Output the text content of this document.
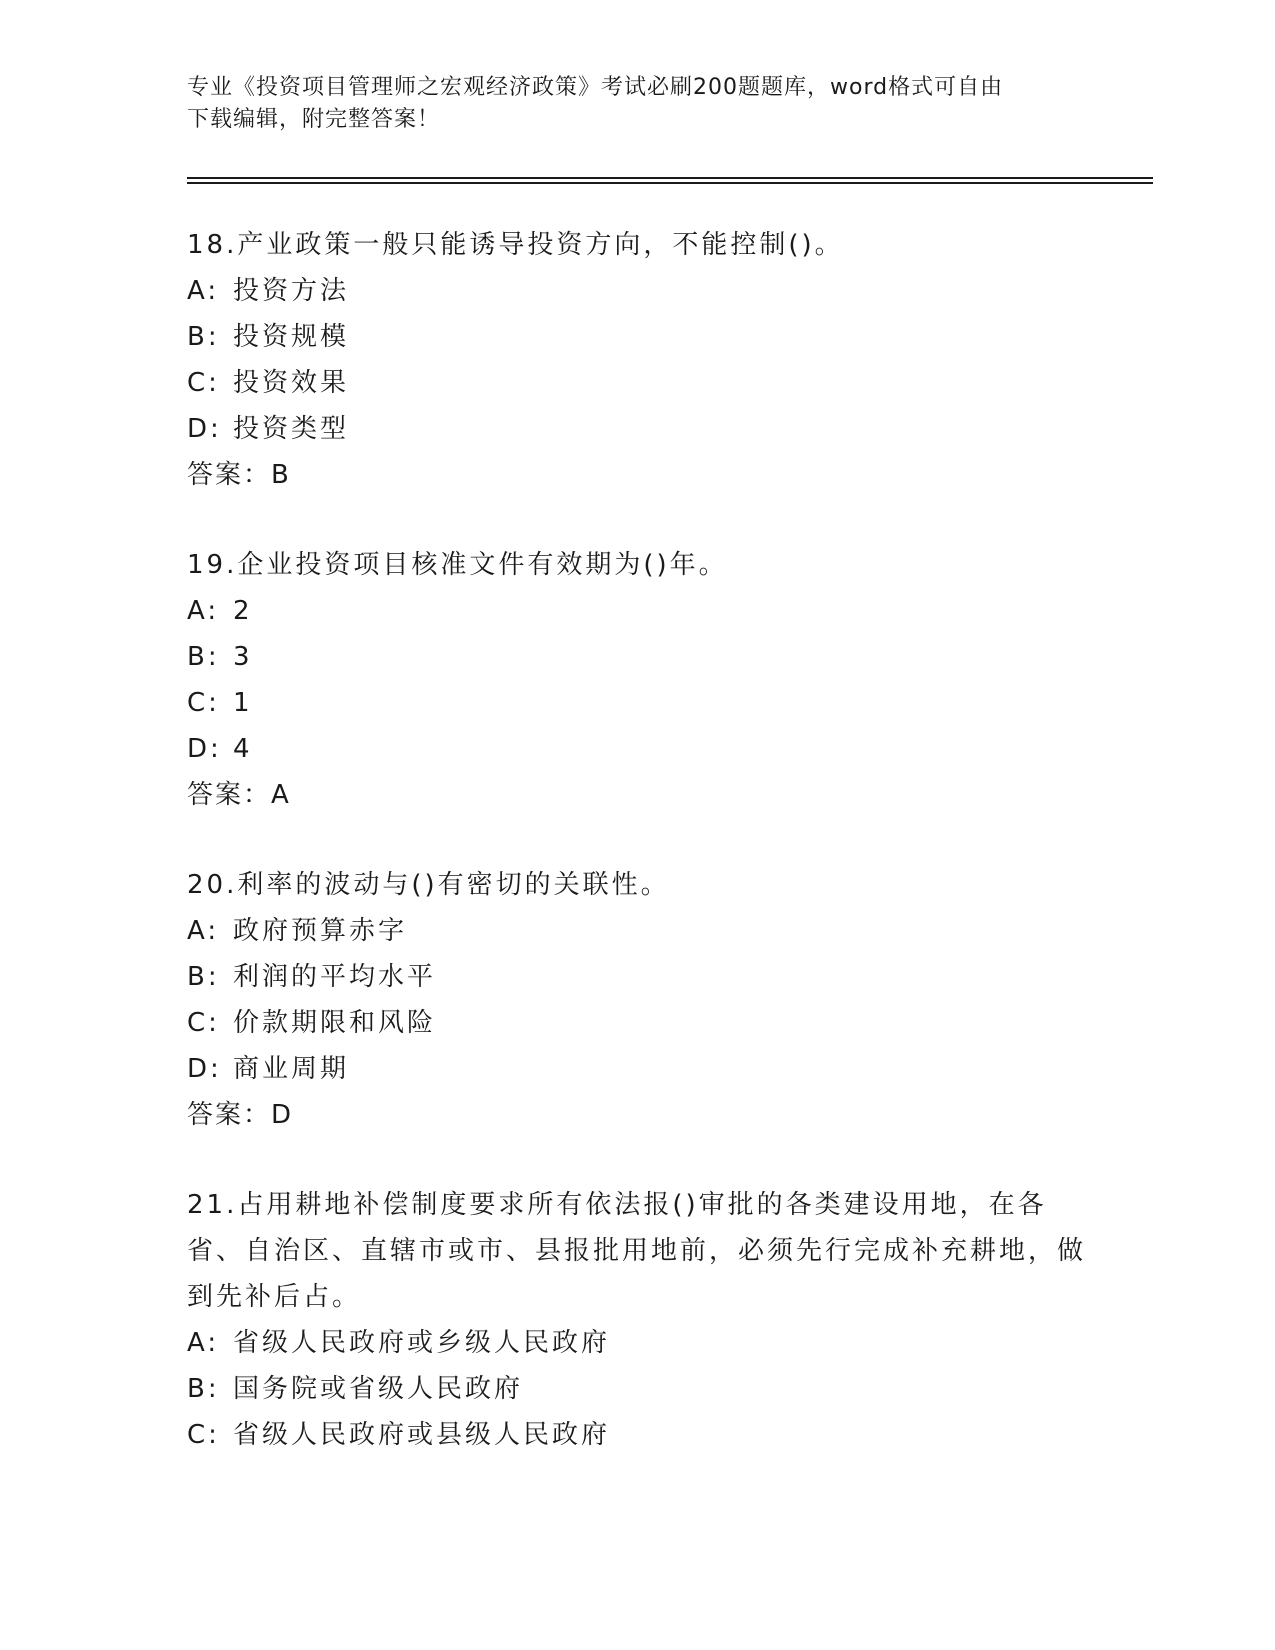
专业《投资项目管理师之宏观经济政策》考试必刷200题题库，word格式可自由
下载编辑，附完整答案！

18.产业政策一般只能诱导投资方向，不能控制()。

A: 投资方法
B: 投资规模
C: 投资效果
D: 投资类型
答案：B

19.企业投资项目核准文件有效期为()年。

A: 2
B: 3
C: 1
D: 4
答案：A

20.利率的波动与()有密切的关联性。

A: 政府预算赤字
B: 利润的平均水平
C: 价款期限和风险
D: 商业周期
答案：D

21.占用耕地补偿制度要求所有依法报()审批的各类建设用地，在各省、自治区、直辖市或市、县报批用地前，必须先行完成补充耕地，做到先补后占。

A: 省级人民政府或乡级人民政府
B: 国务院或省级人民政府
C: 省级人民政府或县级人民政府
